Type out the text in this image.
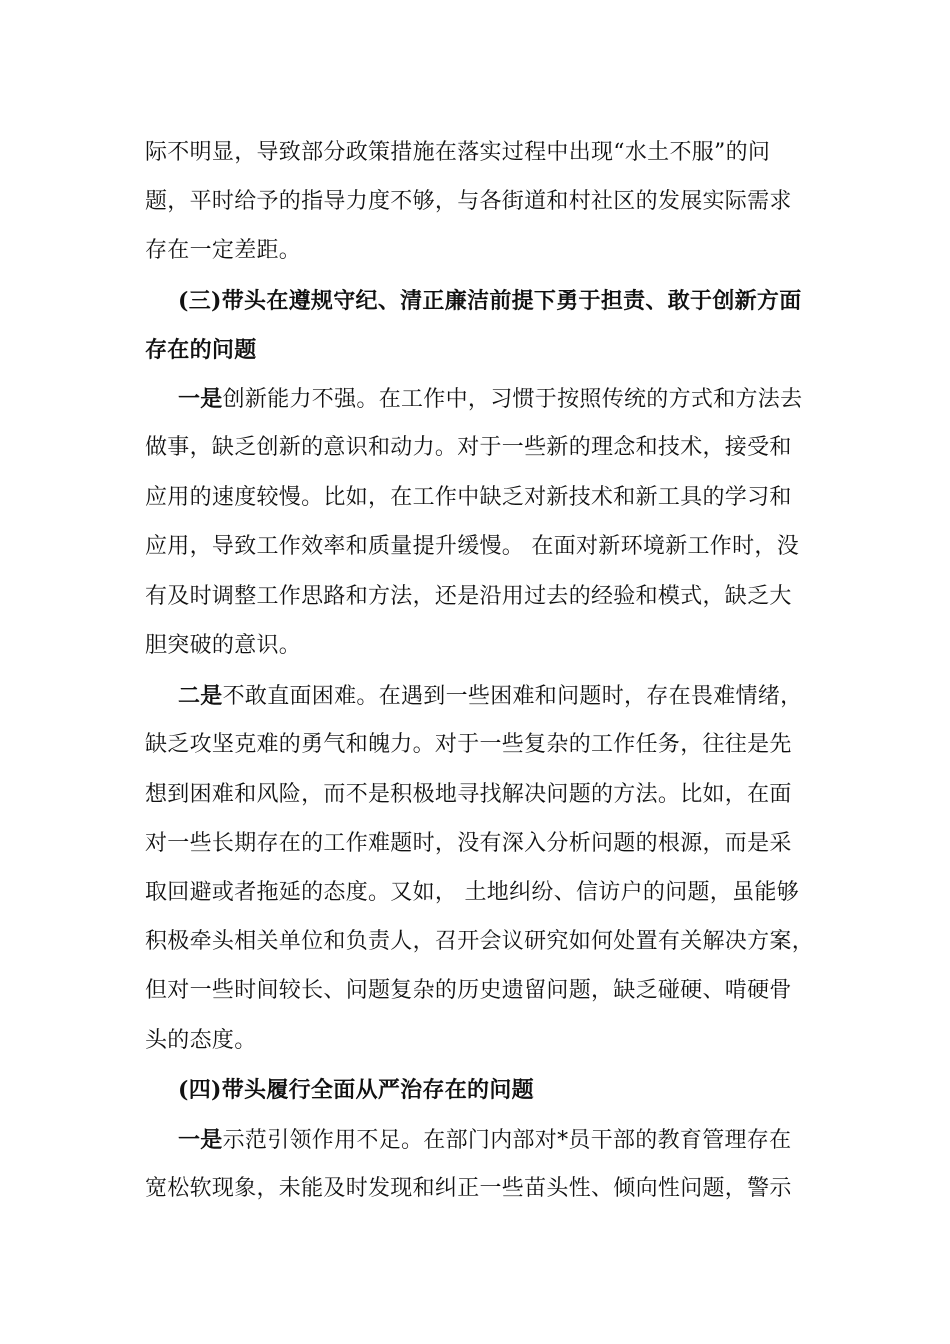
际不明显，导致部分政策措施在落实过程中出现“水土不服”的问
题，平时给予的指导力度不够，与各街道和村社区的发展实际需求
存在一定差距。
(三)带头在遵规守纪、清正廉洁前提下勇于担责、敢于创新方面
存在的问题
一是创新能力不强。在工作中，习惯于按照传统的方式和方法去
做事，缺乏创新的意识和动力。对于一些新的理念和技术，接受和
应用的速度较慢。比如，在工作中缺乏对新技术和新工具的学习和
应用，导致工作效率和质量提升缓慢。 在面对新环境新工作时，没
有及时调整工作思路和方法，还是沿用过去的经验和模式，缺乏大
胆突破的意识。
二是不敢直面困难。在遇到一些困难和问题时，存在畏难情绪，
缺乏攻坚克难的勇气和魄力。对于一些复杂的工作任务，往往是先
想到困难和风险，而不是积极地寻找解决问题的方法。比如，在面
对一些长期存在的工作难题时，没有深入分析问题的根源，而是采
取回避或者拖延的态度。又如， 土地纠纷、信访户的问题，虽能够
积极牵头相关单位和负责人，召开会议研究如何处置有关解决方案，
但对一些时间较长、问题复杂的历史遗留问题，缺乏碰硬、啃硬骨
头的态度。
(四)带头履行全面从严治存在的问题
一是示范引领作用不足。在部门内部对*员干部的教育管理存在
宽松软现象，未能及时发现和纠正一些苗头性、倾向性问题，警示
